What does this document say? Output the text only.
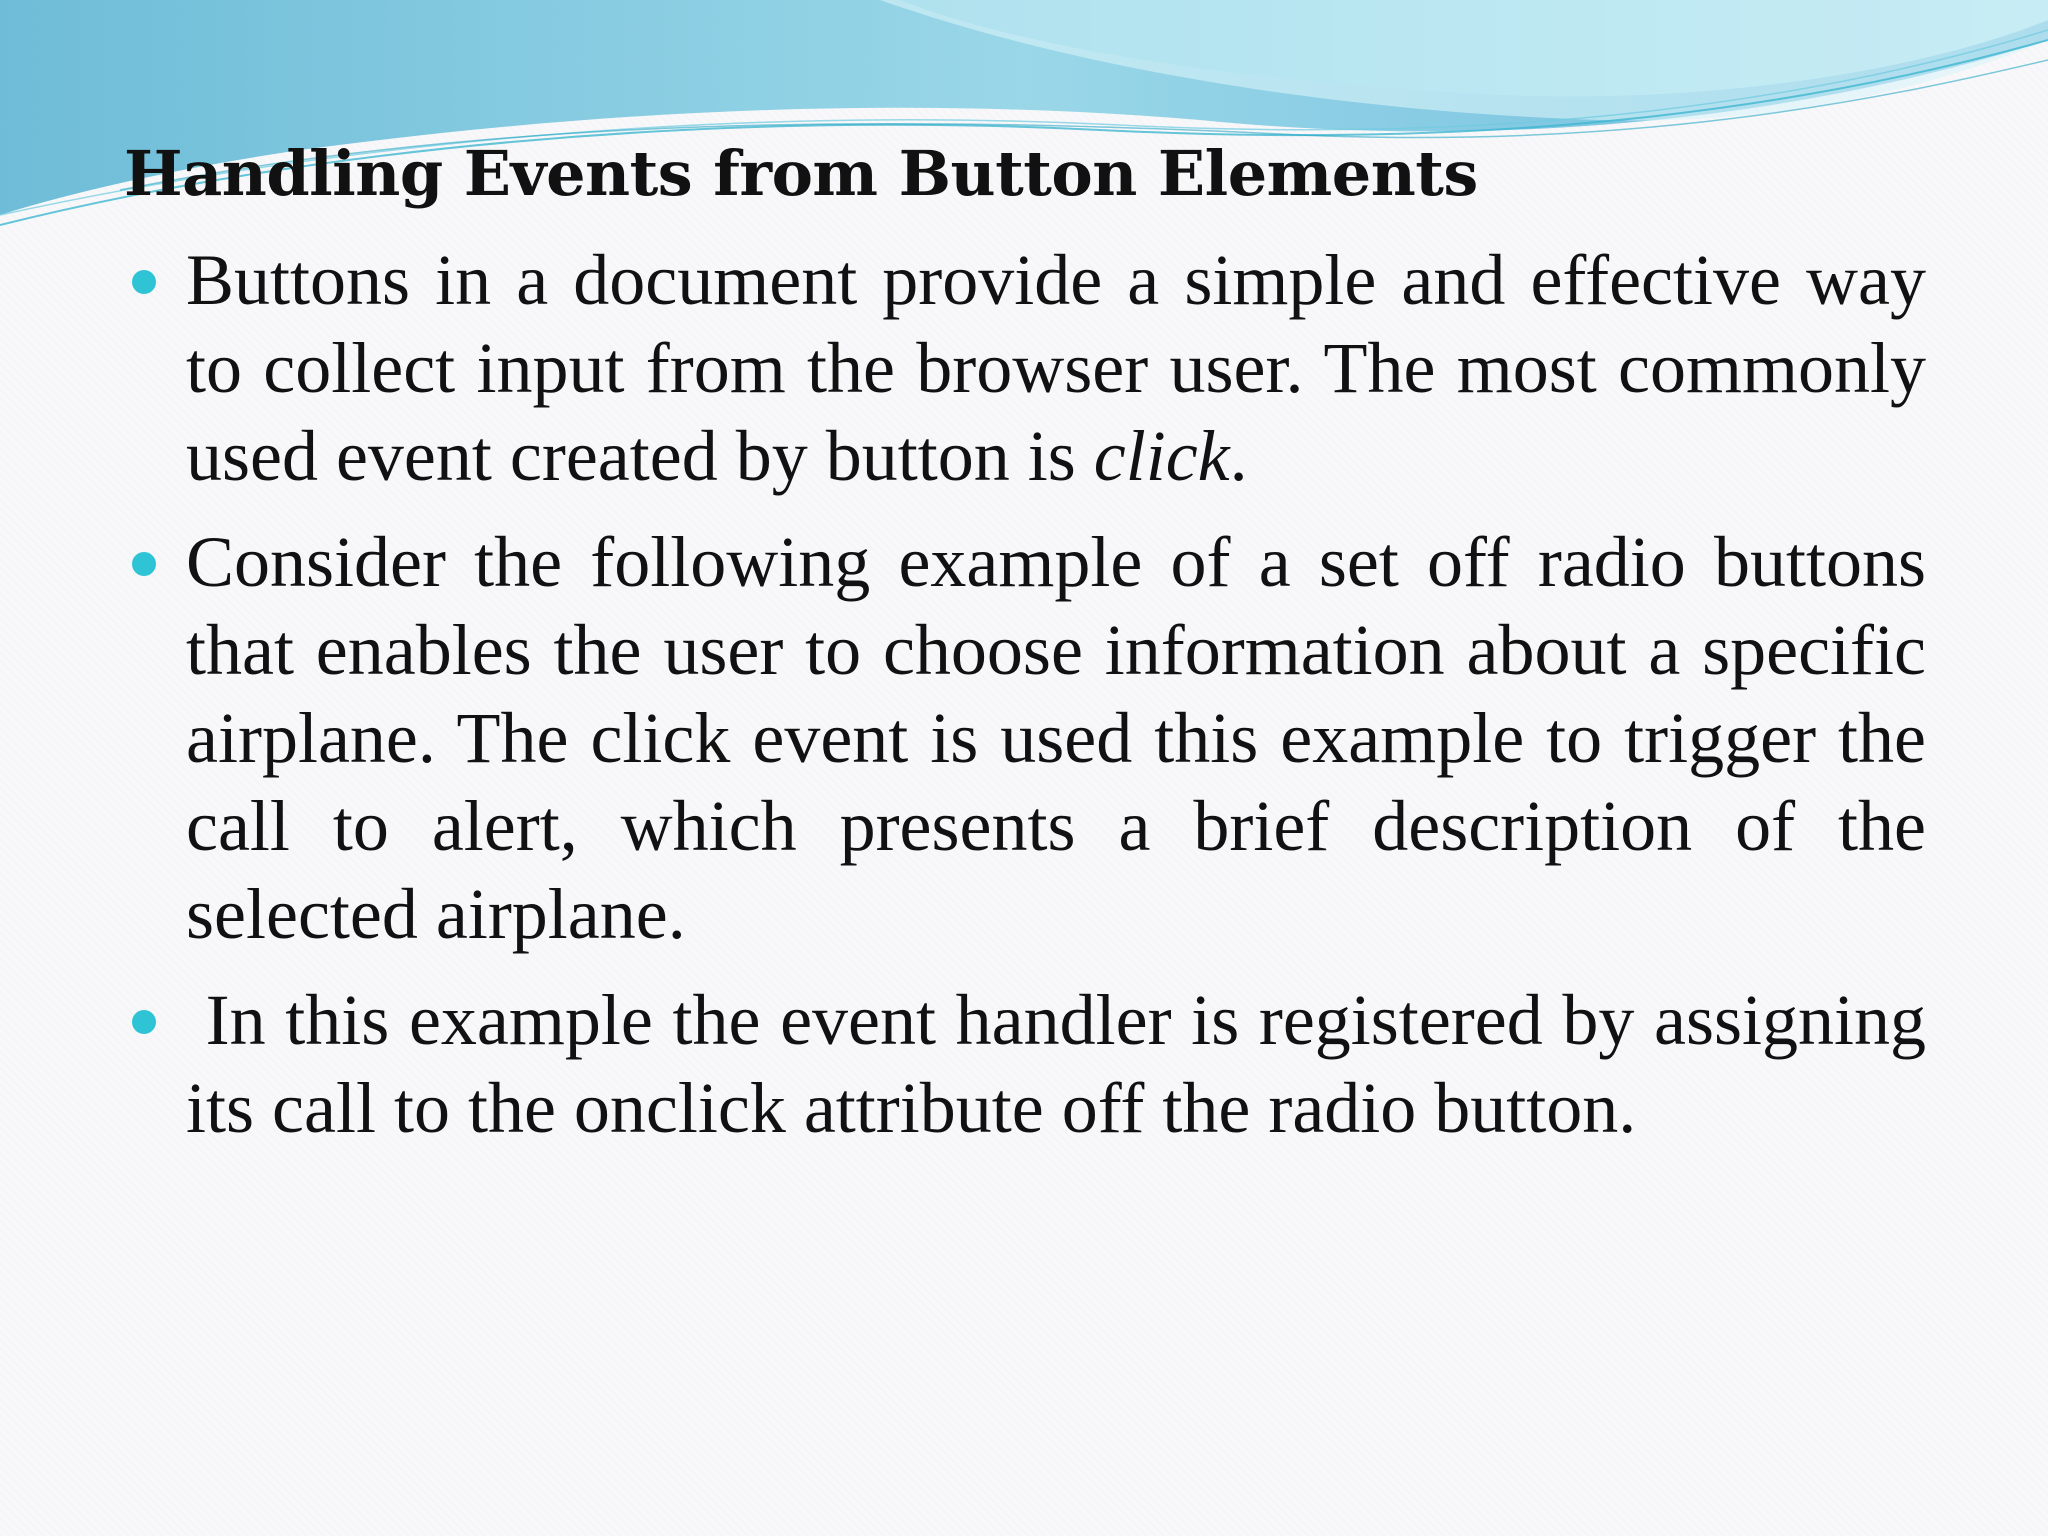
Handling Events from Button Elements

Buttons in a document provide a simple and effective way to collect input from the browser user. The most commonly used event created by button is click.

Consider the following example of a set off radio buttons that enables the user to choose information about a specific airplane. The click event is used this example to trigger the call to alert, which presents a brief description of the selected airplane.

In this example the event handler is registered by assigning its call to the onclick attribute off the radio button.
